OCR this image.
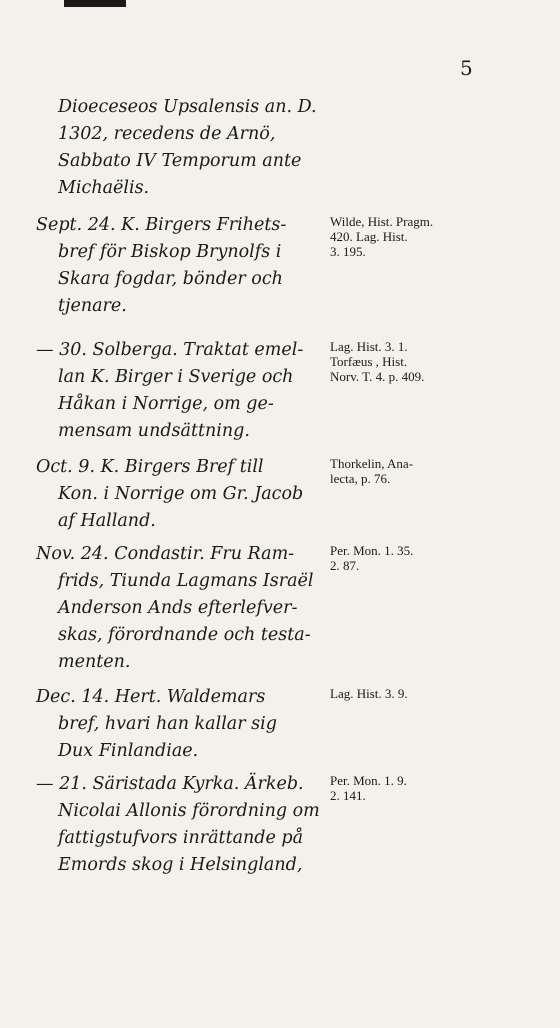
5
Dioeceseos Upsalensis an. D.
1302, recedens de Arnö,
Sabbato IV Temporum ante
Michaëlis.
Sept. 24. K. Birgers Frihets-
bref för Biskop Brynolfs i
Skara fogdar, bönder och
tjenare.
Wilde, Hist. Pragm.
420. Lag. Hist.
3. 195.
— 30. Solberga. Traktat emel-
lan K. Birger i Sverige och
Håkan i Norrige, om ge-
mensam undsättning.
Lag. Hist. 3. 1.
Torfæus , Hist.
Norv. T. 4. p. 409.
Oct. 9. K. Birgers Bref till
Kon. i Norrige om Gr. Jacob
af Halland.
Thorkelin, Ana-
lecta, p. 76.
Nov. 24. Condastir. Fru Ram-
frids, Tiunda Lagmans Israël
Anderson Ands efterlefver-
skas, förordnande och testa-
menten.
Per. Mon. 1. 35.
2. 87.
Dec. 14. Hert. Waldemars
bref, hvari han kallar sig
Dux Finlandiae.
Lag. Hist. 3. 9.
— 21. Säristada Kyrka. Ärkeb.
Nicolai Allonis förordning om
fattigstufvors inrättande på
Emords skog i Helsingland,
Per. Mon. 1. 9.
2. 141.
